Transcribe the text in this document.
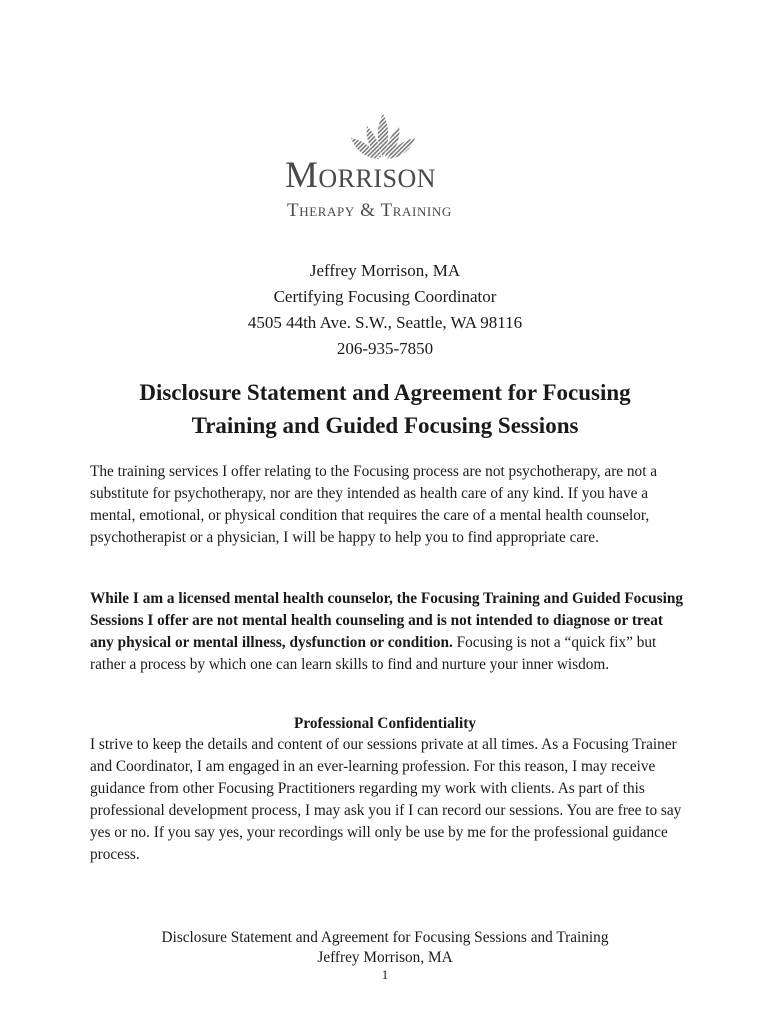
Morrison
Therapy & Training
Jeffrey Morrison, MA
Certifying Focusing Coordinator
4505 44th Ave. S.W., Seattle, WA 98116
206-935-7850
Disclosure Statement and Agreement for Focusing
Training and Guided Focusing Sessions
The training services I offer relating to the Focusing process are not psychotherapy, are not a substitute for psychotherapy, nor are they intended as health care of any kind. If you have a mental, emotional, or physical condition that requires the care of a mental health counselor, psychotherapist or a physician, I will be happy to help you to find appropriate care.
While I am a licensed mental health counselor, the Focusing Training and Guided Focusing Sessions I offer are not mental health counseling and is not intended to diagnose or treat any physical or mental illness, dysfunction or condition. Focusing is not a “quick fix” but rather a process by which one can learn skills to find and nurture your inner wisdom.
Professional Confidentiality
I strive to keep the details and content of our sessions private at all times. As a Focusing Trainer and Coordinator, I am engaged in an ever-learning profession. For this reason, I may receive guidance from other Focusing Practitioners regarding my work with clients. As part of this professional development process, I may ask you if I can record our sessions. You are free to say yes or no. If you say yes, your recordings will only be use by me for the professional guidance process.
Disclosure Statement and Agreement for Focusing Sessions and Training
Jeffrey Morrison, MA
1
